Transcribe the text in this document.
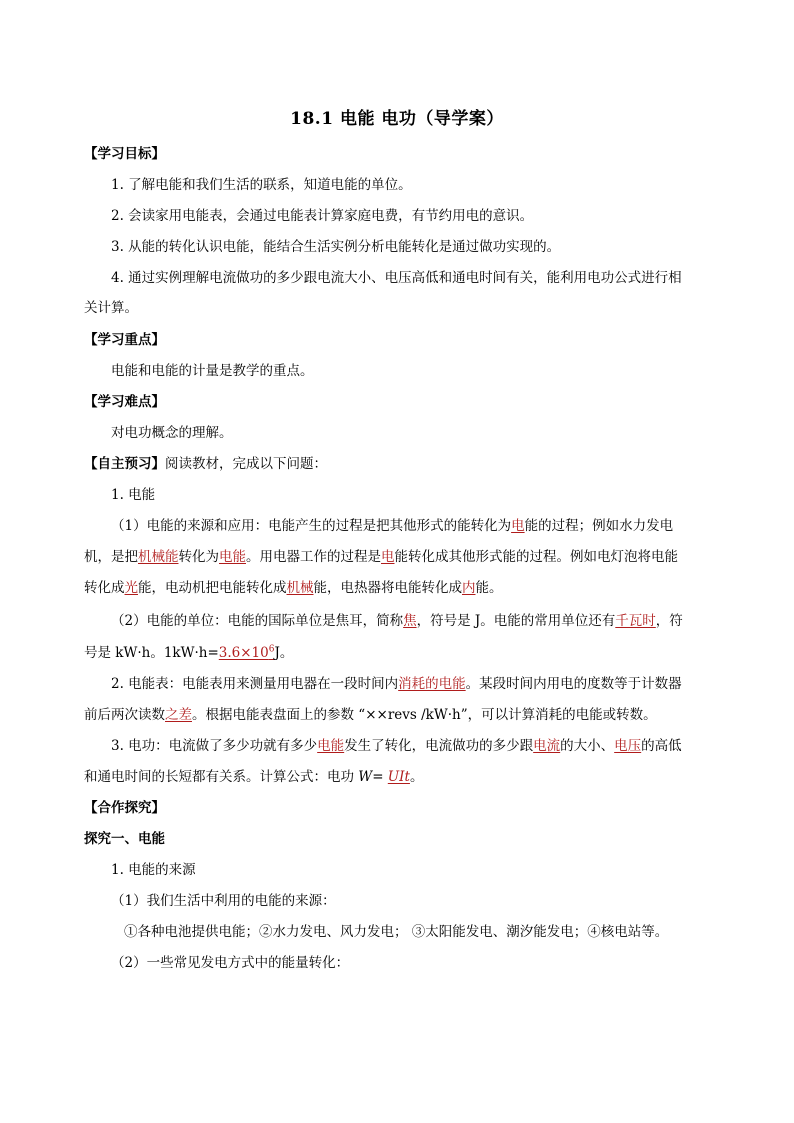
18.1 电能 电功（导学案）
【学习目标】
1. 了解电能和我们生活的联系，知道电能的单位。
2. 会读家用电能表，会通过电能表计算家庭电费，有节约用电的意识。
3. 从能的转化认识电能，能结合生活实例分析电能转化是通过做功实现的。
4. 通过实例理解电流做功的多少跟电流大小、电压高低和通电时间有关，能利用电功公式进行相
关计算。
【学习重点】
电能和电能的计量是教学的重点。
【学习难点】
对电功概念的理解。
【自主预习】阅读教材，完成以下问题：
1. 电能
（1）电能的来源和应用：电能产生的过程是把其他形式的能转化为电能的过程；例如水力发电
机，是把机械能转化为电能。用电器工作的过程是电能转化成其他形式能的过程。例如电灯泡将电能
转化成光能，电动机把电能转化成机械能，电热器将电能转化成内能。
（2）电能的单位：电能的国际单位是焦耳，简称焦，符号是 J。电能的常用单位还有千瓦时，符
号是 kW·h。$1kW\cdot h=3.6\times 10^6J$。
2. 电能表：电能表用来测量用电器在一段时间内消耗的电能。某段时间内用电的度数等于计数器
前后两次读数之差。根据电能表盘面上的参数 “××revs /kW·h”，可以计算消耗的电能或转数。
3. 电功：电流做了多少功就有多少电能发生了转化，电流做功的多少跟电流的大小、电压的高低
和通电时间的长短都有关系。计算公式：电功 W= UIt。
【合作探究】
探究一、电能
1. 电能的来源
（1）我们生活中利用的电能的来源：
①各种电池提供电能；②水力发电、风力发电； ③太阳能发电、潮汐能发电；④核电站等。
（2）一些常见发电方式中的能量转化：
